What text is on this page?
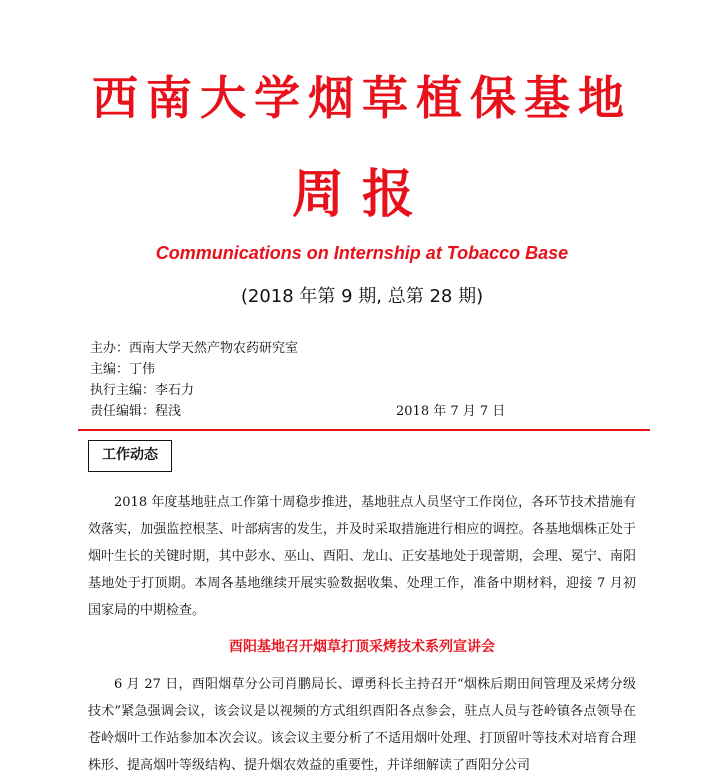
西南大学烟草植保基地
周报
Communications on Internship at Tobacco Base
(2018 年第 9 期, 总第 28 期)
主办：西南大学天然产物农药研究室
主编：丁伟
执行主编：李石力
责任编辑：程浅	2018 年 7 月 7 日
工作动态

2018 年度基地驻点工作第十周稳步推进，基地驻点人员坚守工作岗位，各环节技术措施有效落实，加强监控根茎、叶部病害的发生，并及时采取措施进行相应的调控。各基地烟株正处于烟叶生长的关键时期，其中彭水、巫山、酉阳、龙山、正安基地处于现蕾期，会理、冕宁、南阳基地处于打顶期。本周各基地继续开展实验数据收集、处理工作，准备中期材料，迎接 7 月初国家局的中期检查。

酉阳基地召开烟草打顶采烤技术系列宣讲会

6 月 27 日，酉阳烟草分公司肖鹏局长、谭勇科长主持召开“烟株后期田间管理及采烤分级技术”紧急强调会议，该会议是以视频的方式组织酉阳各点参会，驻点人员与苍岭镇各点领导在苍岭烟叶工作站参加本次会议。该会议主要分析了不适用烟叶处理、打顶留叶等技术对培育合理株形、提高烟叶等级结构、提升烟农效益的重要性，并详细解读了酉阳分公司
